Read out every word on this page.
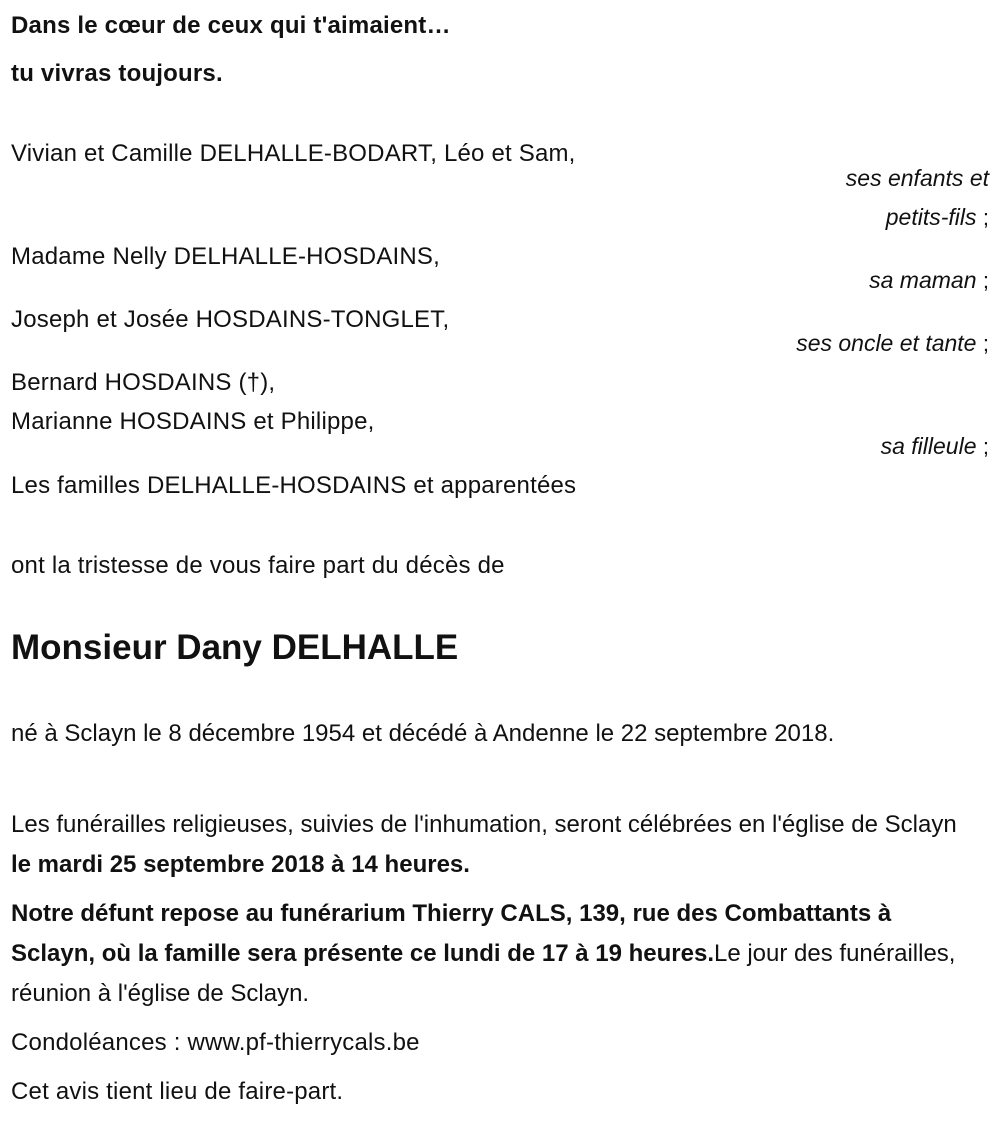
Dans le cœur de ceux qui t'aimaient…
tu vivras toujours.
Vivian et Camille DELHALLE-BODART, Léo et Sam,
ses enfants et
petits-fils ;
Madame Nelly DELHALLE-HOSDAINS,
sa maman ;
Joseph et Josée HOSDAINS-TONGLET,
ses oncle et tante ;
Bernard HOSDAINS (†),
Marianne HOSDAINS et Philippe,
sa filleule ;
Les familles DELHALLE-HOSDAINS et apparentées
ont la tristesse de vous faire part du décès de
Monsieur Dany DELHALLE
né à Sclayn le 8 décembre 1954 et décédé à Andenne le 22 septembre 2018.
Les funérailles religieuses, suivies de l'inhumation, seront célébrées en l'église de Sclayn le mardi 25 septembre 2018 à 14 heures.
Notre défunt repose au funérarium Thierry CALS, 139, rue des Combattants à Sclayn, où la famille sera présente ce lundi de 17 à 19 heures.Le jour des funérailles, réunion à l'église de Sclayn.
Condoléances : www.pf-thierrycals.be
Cet avis tient lieu de faire-part.
